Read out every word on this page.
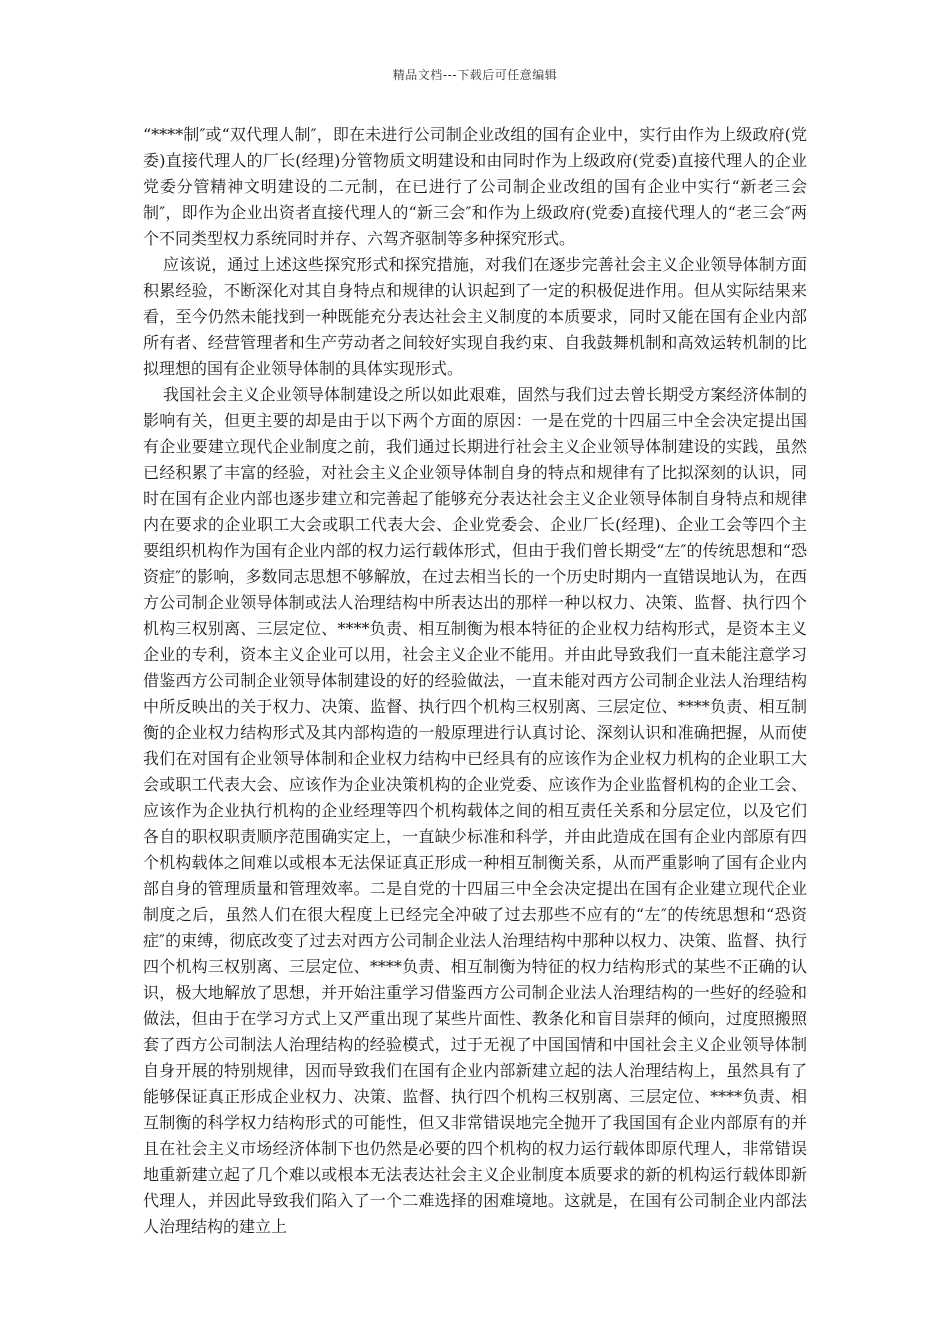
精品文档---下载后可任意编辑

“****制″或“双代理人制″，即在未进行公司制企业改组的国有企业中，实行由作为上级政府(党委)直接代理人的厂长(经理)分管物质文明建设和由同时作为上级政府(党委)直接代理人的企业党委分管精神文明建设的二元制，在已进行了公司制企业改组的国有企业中实行“新老三会制″，即作为企业出资者直接代理人的“新三会″和作为上级政府(党委)直接代理人的“老三会″两个不同类型权力系统同时并存、六驾齐驱制等多种探究形式。

应该说，通过上述这些探究形式和探究措施，对我们在逐步完善社会主义企业领导体制方面积累经验，不断深化对其自身特点和规律的认识起到了一定的积极促进作用。但从实际结果来看，至今仍然未能找到一种既能充分表达社会主义制度的本质要求，同时又能在国有企业内部所有者、经营管理者和生产劳动者之间较好实现自我约束、自我鼓舞机制和高效运转机制的比拟理想的国有企业领导体制的具体实现形式。

我国社会主义企业领导体制建设之所以如此艰难，固然与我们过去曾长期受方案经济体制的影响有关，但更主要的却是由于以下两个方面的原因：一是在党的十四届三中全会决定提出国有企业要建立现代企业制度之前，我们通过长期进行社会主义企业领导体制建设的实践，虽然已经积累了丰富的经验，对社会主义企业领导体制自身的特点和规律有了比拟深刻的认识，同时在国有企业内部也逐步建立和完善起了能够充分表达社会主义企业领导体制自身特点和规律内在要求的企业职工大会或职工代表大会、企业党委会、企业厂长(经理)、企业工会等四个主要组织机构作为国有企业内部的权力运行载体形式，但由于我们曾长期受“左″的传统思想和“恐资症″的影响，多数同志思想不够解放，在过去相当长的一个历史时期内一直错误地认为，在西方公司制企业领导体制或法人治理结构中所表达出的那样一种以权力、决策、监督、执行四个机构三权别离、三层定位、****负责、相互制衡为根本特征的企业权力结构形式，是资本主义企业的专利，资本主义企业可以用，社会主义企业不能用。并由此导致我们一直未能注意学习借鉴西方公司制企业领导体制建设的好的经验做法，一直未能对西方公司制企业法人治理结构中所反映出的关于权力、决策、监督、执行四个机构三权别离、三层定位、****负责、相互制衡的企业权力结构形式及其内部构造的一般原理进行认真讨论、深刻认识和准确把握，从而使我们在对国有企业领导体制和企业权力结构中已经具有的应该作为企业权力机构的企业职工大会或职工代表大会、应该作为企业决策机构的企业党委、应该作为企业监督机构的企业工会、应该作为企业执行机构的企业经理等四个机构载体之间的相互责任关系和分层定位，以及它们各自的职权职责顺序范围确实定上，一直缺少标准和科学，并由此造成在国有企业内部原有四个机构载体之间难以或根本无法保证真正形成一种相互制衡关系，从而严重影响了国有企业内部自身的管理质量和管理效率。二是自党的十四届三中全会决定提出在国有企业建立现代企业制度之后，虽然人们在很大程度上已经完全冲破了过去那些不应有的“左″的传统思想和“恐资症″的束缚，彻底改变了过去对西方公司制企业法人治理结构中那种以权力、决策、监督、执行四个机构三权别离、三层定位、****负责、相互制衡为特征的权力结构形式的某些不正确的认识，极大地解放了思想，并开始注重学习借鉴西方公司制企业法人治理结构的一些好的经验和做法，但由于在学习方式上又严重出现了某些片面性、教条化和盲目崇拜的倾向，过度照搬照套了西方公司制法人治理结构的经验模式，过于无视了中国国情和中国社会主义企业领导体制自身开展的特别规律，因而导致我们在国有企业内部新建立起的法人治理结构上，虽然具有了能够保证真正形成企业权力、决策、监督、执行四个机构三权别离、三层定位、****负责、相互制衡的科学权力结构形式的可能性，但又非常错误地完全抛开了我国国有企业内部原有的并且在社会主义市场经济体制下也仍然是必要的四个机构的权力运行载体即原代理人，非常错误地重新建立起了几个难以或根本无法表达社会主义企业制度本质要求的新的机构运行载体即新代理人，并因此导致我们陷入了一个二难选择的困难境地。这就是，在国有公司制企业内部法人治理结构的建立上
